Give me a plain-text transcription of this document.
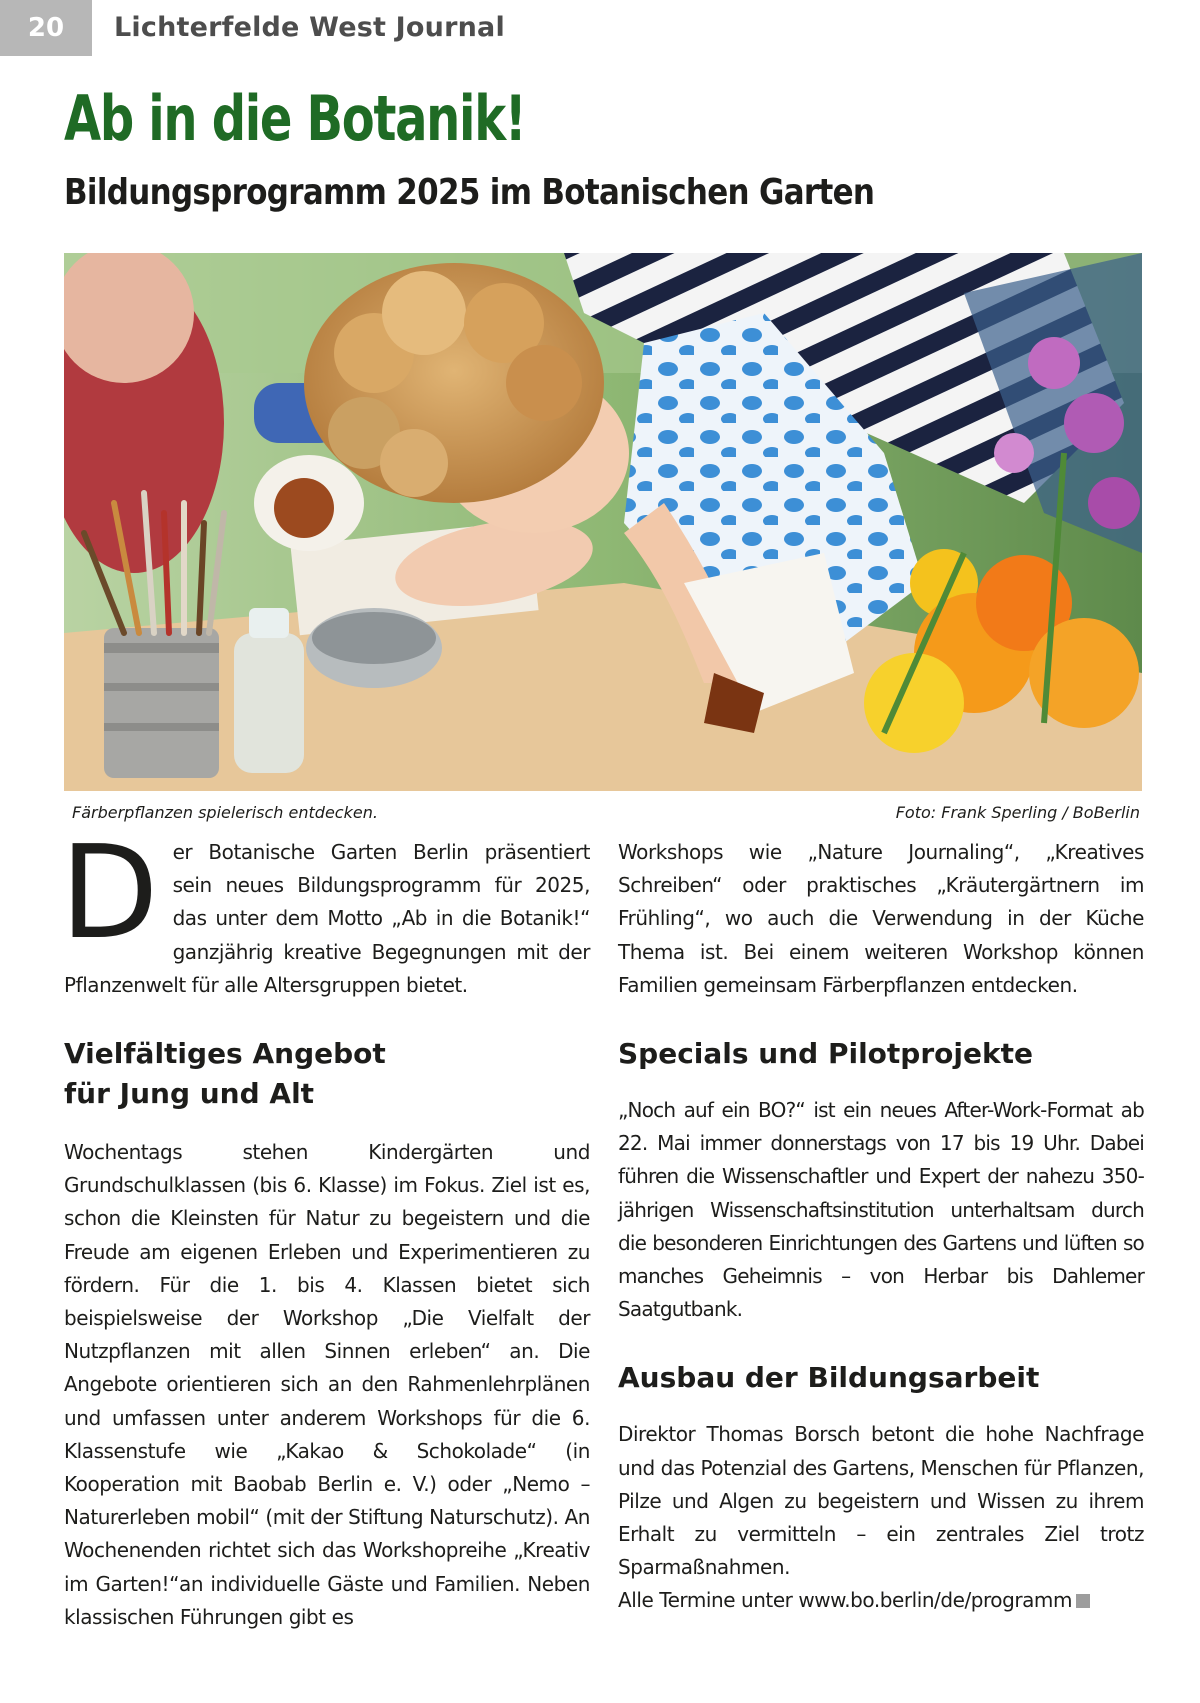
20 Lichterfelde West Journal
Ab in die Botanik!
Bildungsprogramm 2025 im Botanischen Garten
Färberpflanzen spielerisch entdecken.	Foto: Frank Sperling / BoBerlin
D er Botanische Garten Berlin präsentiert sein neues Bildungsprogramm für 2025, das unter dem Motto „Ab in die Botanik!“ ganzjährig kreative Begegnungen mit der Pflanzenwelt für alle Altersgruppen bietet.

Vielfältiges Angebot
für Jung und Alt

Wochentags stehen Kindergärten und Grundschulklassen (bis 6. Klasse) im Fokus. Ziel ist es, schon die Kleinsten für Natur zu begeistern und die Freude am eigenen Erleben und Experimentieren zu fördern. Für die 1. bis 4. Klassen bietet sich beispielsweise der Workshop „Die Vielfalt der Nutzpflanzen mit allen Sinnen erleben“ an. Die Angebote orientieren sich an den Rahmenlehrplänen und umfassen unter anderem Workshops für die 6. Klassenstufe wie „Kakao & Schokolade“ (in Kooperation mit Baobab Berlin e. V.) oder „Nemo – Naturerleben mobil“ (mit der Stiftung Naturschutz). An Wochenenden richtet sich das Workshopreihe „Kreativ im Garten!“an individuelle Gäste und Familien. Neben klassischen Führungen gibt es

Workshops wie „Nature Journaling“, „Kreatives Schreiben“ oder praktisches „Kräutergärtnern im Frühling“, wo auch die Verwendung in der Küche Thema ist. Bei einem weiteren Workshop können Familien gemeinsam Färberpflanzen entdecken.

Specials und Pilotprojekte

„Noch auf ein BO?“ ist ein neues After-Work-Format ab 22. Mai immer donnerstags von 17 bis 19 Uhr. Dabei führen die Wissenschaftler und Expert der nahezu 350-jährigen Wissenschaftsinstitution unterhaltsam durch die besonderen Einrichtungen des Gartens und lüften so manches Geheimnis – von Herbar bis Dahlemer Saatgutbank.

Ausbau der Bildungsarbeit

Direktor Thomas Borsch betont die hohe Nachfrage und das Potenzial des Gartens, Menschen für Pflanzen, Pilze und Algen zu begeistern und Wissen zu ihrem Erhalt zu vermitteln – ein zentrales Ziel trotz Sparmaßnahmen.
Alle Termine unter www.bo.berlin/de/programm
